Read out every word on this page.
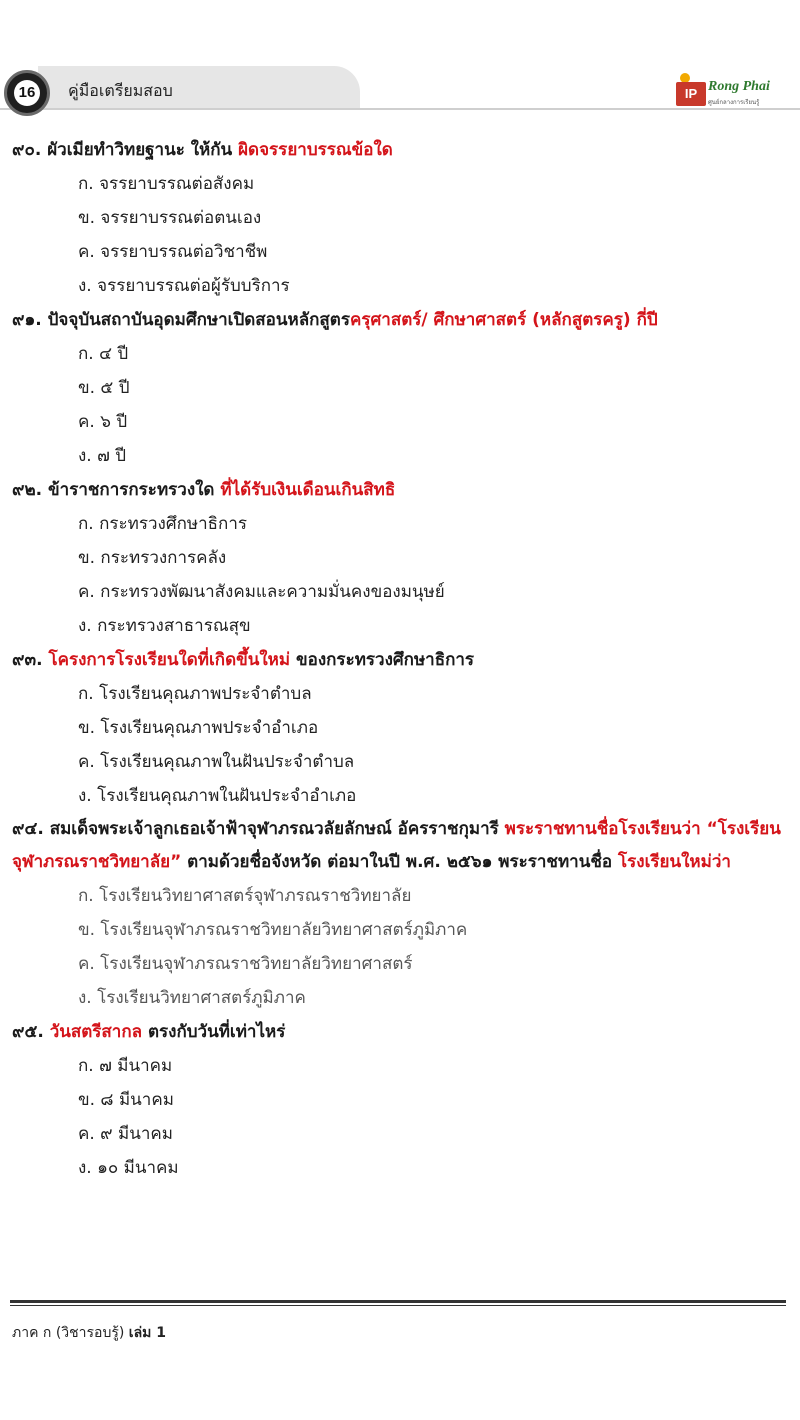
16 คู่มือเตรียมสอบ	IP Rong Phai
ศูนย์กลางการเรียนรู้
๙๐. ผัวเมียทำวิทยฐานะ ให้กัน ผิดจรรยาบรรณข้อใด
ก. จรรยาบรรณต่อสังคม
ข. จรรยาบรรณต่อตนเอง
ค. จรรยาบรรณต่อวิชาชีพ
ง. จรรยาบรรณต่อผู้รับบริการ
๙๑. ปัจจุบันสถาบันอุดมศึกษาเปิดสอนหลักสูตรครุศาสตร์/ ศึกษาศาสตร์ (หลักสูตรครู) กี่ปี
ก. ๔ ปี
ข. ๕ ปี
ค. ๖ ปี
ง. ๗ ปี
๙๒. ข้าราชการกระทรวงใด ที่ได้รับเงินเดือนเกินสิทธิ
ก. กระทรวงศึกษาธิการ
ข. กระทรวงการคลัง
ค. กระทรวงพัฒนาสังคมและความมั่นคงของมนุษย์
ง. กระทรวงสาธารณสุข
๙๓. โครงการโรงเรียนใดที่เกิดขึ้นใหม่ ของกระทรวงศึกษาธิการ
ก. โรงเรียนคุณภาพประจำตำบล
ข. โรงเรียนคุณภาพประจำอำเภอ
ค. โรงเรียนคุณภาพในฝันประจำตำบล
ง. โรงเรียนคุณภาพในฝันประจำอำเภอ
๙๔. สมเด็จพระเจ้าลูกเธอเจ้าฟ้าจุฬาภรณวลัยลักษณ์ อัครราชกุมารี พระราชทานชื่อโรงเรียนว่า “โรงเรียนจุฬาภรณราชวิทยาลัย” ตามด้วยชื่อจังหวัด ต่อมาในปี พ.ศ. ๒๕๖๑ พระราชทานชื่อ โรงเรียนใหม่ว่า
ก. โรงเรียนวิทยาศาสตร์จุฬาภรณราชวิทยาลัย
ข. โรงเรียนจุฬาภรณราชวิทยาลัยวิทยาศาสตร์ภูมิภาค
ค. โรงเรียนจุฬาภรณราชวิทยาลัยวิทยาศาสตร์
ง. โรงเรียนวิทยาศาสตร์ภูมิภาค
๙๕. วันสตรีสากล ตรงกับวันที่เท่าไหร่
ก. ๗ มีนาคม
ข. ๘ มีนาคม
ค. ๙ มีนาคม
ง. ๑๐ มีนาคม
ภาค ก (วิชารอบรู้) เล่ม 1
